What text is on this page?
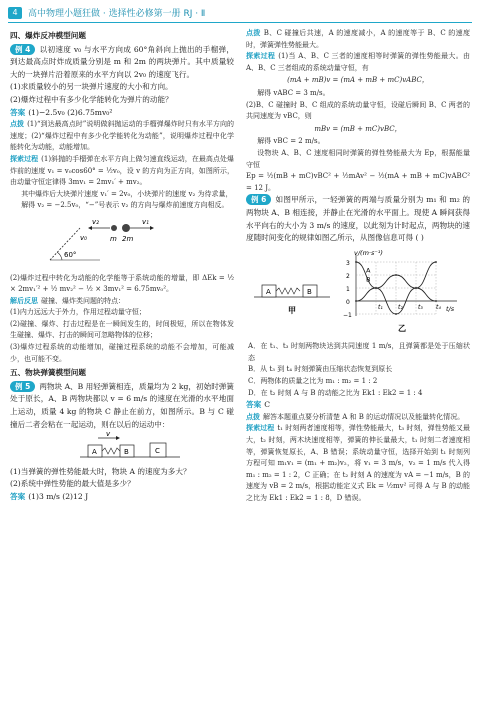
4	高中物理小题狂做 · 选择性必修第一册 RJ · Ⅱ

四、爆炸反冲模型问题

例 4 以初速度 v₀ 与水平方向成 60°角斜向上抛出的手榴弹，到达最高点时炸成质量分别是 m 和 2m 的两块弹片。其中质量较大的一块弹片沿着原来的水平方向以 2v₀ 的速度飞行。

(1)求质量较小的另一块弹片速度的大小和方向。

(2)爆炸过程中有多少化学能转化为弹片的动能？

答案 (1)−2.5v₀ (2)6.75mv₀²

点拨 (1)“到达最高点时”说明做斜抛运动的手榴弹爆炸时只有水平方向的速度；(2)“爆炸过程中有多少化学能转化为动能”，说明爆炸过程中化学能转化为动能，动能增加。

探索过程 (1)斜抛的手榴弹在水平方向上做匀速直线运动，在最高点处爆炸前的速度 v₁ = v₀cos60° = ½v₀，设 v 的方向为正方向，如图所示，由动量守恒定律得 3mv₁ = 2mv₁′ + mv₂。

其中爆炸后大块弹片速度 v₁′ = 2v₀，小块弹片的速度 v₂ 为待求量，

解得 v₂ = −2.5v₀，“−”号表示 v₂ 的方向与爆炸前速度方向相反。

60°
v₀
v₂	v₁
m 2m

(2)爆炸过程中转化为动能的化学能等于系统动能的增量，即 ΔEk = ½ × 2mv₁′² + ½ mv₂² − ½ × 3mv₁² = 6.75mv₀²。

解后反思 碰撞、爆炸类问题的特点：

(1)内力远远大于外力，作用过程动量守恒；

(2)碰撞、爆炸、打击过程是在一瞬间发生的，时间极短，所以在物体发生碰撞、爆炸、打击的瞬间可忽略物体的位移；

(3)爆炸过程系统的动能增加，碰撞过程系统的动能不会增加，可能减少，也可能不变。

五、物块弹簧模型问题

例 5 两物块 A、B 用轻弹簧相连，质量均为 2 kg，初始时弹簧处于原长，A、B 两物块都以 v = 6 m/s 的速度在光滑的水平地面上运动，质量 4 kg 的物块 C 静止在前方，如图所示。B 与 C 碰撞后二者会粘在一起运动，则在以后的运动中：

A	B	C
v

(1)当弹簧的弹性势能最大时，物块 A 的速度为多大？

(2)系统中弹性势能的最大值是多少？

答案 (1)3 m/s (2)12 J

点拨 B、C 碰撞后共速，A 的速度减小，A 的速度等于 B、C 的速度时，弹簧弹性势能最大。

探索过程 (1)当 A、B、C 三者的速度相等时弹簧的弹性势能最大。由 A、B、C 三者组成的系统动量守恒，有

(mA + mB)v = (mA + mB + mC)vABC，

解得 vABC = 3 m/s。

(2)B、C 碰撞时 B、C 组成的系统动量守恒，设碰后瞬间 B、C 两者的共同速度为 vBC，则

mBv = (mB + mC)vBC，

解得 vBC = 2 m/s。

设物块 A、B、C 速度相同时弹簧的弹性势能最大为 Ep，根据能量守恒

Ep = ½(mB + mC)vBC² + ½mAv² − ½(mA + mB + mC)vABC² = 12 J。

例 6 如图甲所示，一轻弹簧的两端与质量分别为 m₁ 和 m₂ 的两物块 A、B 相连接，并静止在光滑的水平面上。现使 A 瞬间获得水平向右的大小为 3 m/s 的速度，以此刻为计时起点，两物块的速度随时间变化的规律如图乙所示，从图像信息可得 ( )

A	B
甲
v/(m·s⁻¹)
t/s
3
2
1
0
−1
t₁	t₂	t₃ t₄
A
B
乙

A．在 t₁、t₃ 时刻两物块达到共同速度 1 m/s，且弹簧都是处于压缩状态

B．从 t₃ 到 t₄ 时刻弹簧由压缩状态恢复到原长

C．两物体的质量之比为 m₁ : m₂ = 1 : 2

D．在 t₂ 时刻 A 与 B 的动能之比为 Ek1 : Ek2 = 1 : 4

答案 C

点拨 解答本题重点要分析清楚 A 和 B 的运动情况以及能量转化情况。

探索过程 t₁ 时刻两者速度相等，弹性势能最大，t₃ 时刻，弹性势能又最大，t₂ 时刻，两木块速度相等，弹簧的伸长量最大，t₁ 时刻二者速度相等，弹簧恢复原长，A、B 错误；系统动量守恒，选择开始到 t₁ 时刻列方程可知 m₁v₁ = (m₁ + m₂)v₂，将 v₁ = 3 m/s，v₂ = 1 m/s 代入得 m₁ : m₂ = 1 : 2，C 正确；在 t₂ 时刻 A 的速度为 vA = −1 m/s，B 的速度为 vB = 2 m/s，根据动能定义式 Ek = ½mv² 可得 A 与 B 的动能之比为 Ek1 : Ek2 = 1 : 8，D 错误。
